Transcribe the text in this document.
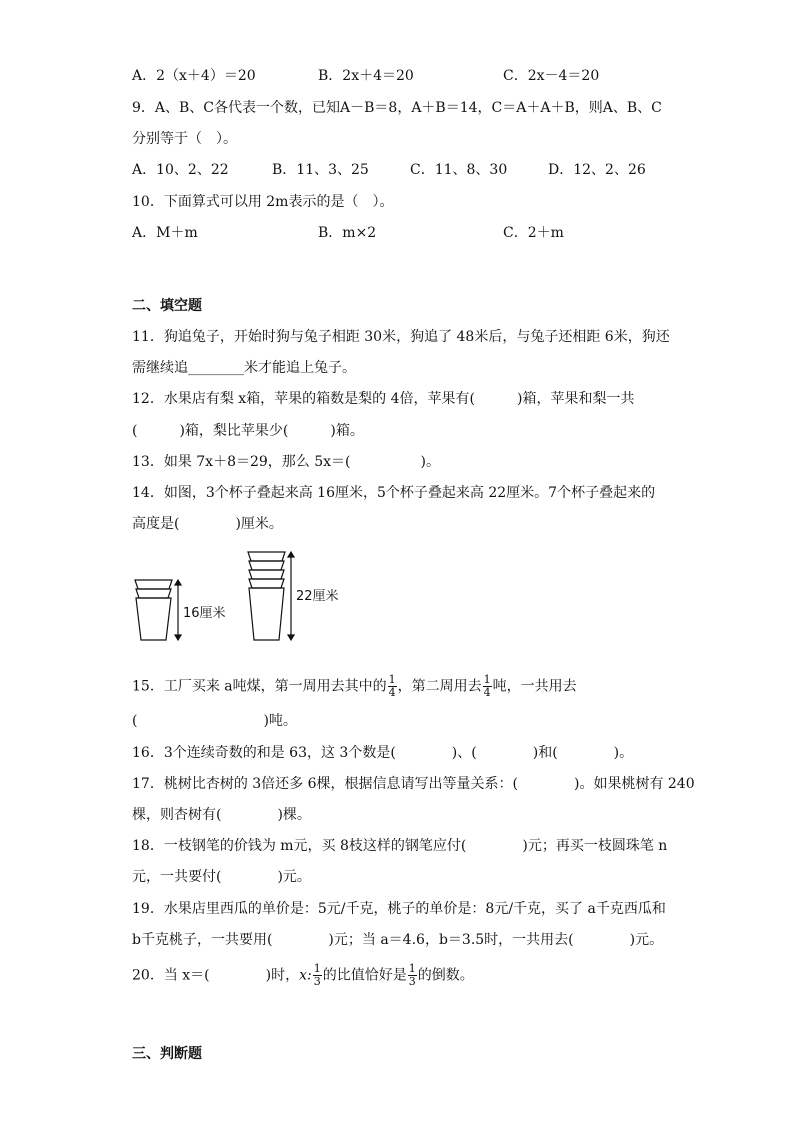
A．2（x＋4）＝20	B．2x＋4＝20	C．2x－4＝20
9．A、B、C各代表一个数，已知A－B＝8，A＋B＝14，C＝A＋A＋B，则A、B、C
分别等于（　）。
A．10、2、22	B．11、3、25	C．11、8、30	D．12、2、26
10．下面算式可以用 2m表示的是（　）。
A．M＋m	B．m×2	C．2＋m
二、填空题
11．狗追兔子，开始时狗与兔子相距 30米，狗追了 48米后，与兔子还相距 6米，狗还
需继续追________米才能追上兔子。
12．水果店有梨 x箱，苹果的箱数是梨的 4倍，苹果有(　　　)箱，苹果和梨一共
(　　　)箱，梨比苹果少(　　　)箱。
13．如果 7x＋8＝29，那么 5x＝(　　　　　)。
14．如图，3个杯子叠起来高 16厘米，5个杯子叠起来高 22厘米。7个杯子叠起来的
高度是(　　　　)厘米。
16厘米
22厘米
15．工厂买来 a吨煤，第一周用去其中的 $\frac{1}{4}$ ，第二周用去 $\frac{1}{4}$ 吨，一共用去
(　　　　　　　　　)吨。
16．3个连续奇数的和是 63，这 3个数是(　　　　)、(　　　　)和(　　　　)。
17．桃树比杏树的 3倍还多 6棵，根据信息请写出等量关系：(　　　　)。如果桃树有 240
棵，则杏树有(　　　　)棵。
18．一枝钢笔的价钱为 m元，买 8枝这样的钢笔应付(　　　　)元；再买一枝圆珠笔 n
元，一共要付(　　　　)元。
19．水果店里西瓜的单价是：5元/千克，桃子的单价是：8元/千克，买了 a千克西瓜和
b千克桃子，一共要用(　　　　)元；当 a＝4.6，b＝3.5时，一共用去(　　　　)元。
20．当 x＝(　　　　)时，x: $\frac{1}{3}$ 的比值恰好是 $\frac{1}{3}$ 的倒数。
三、判断题
